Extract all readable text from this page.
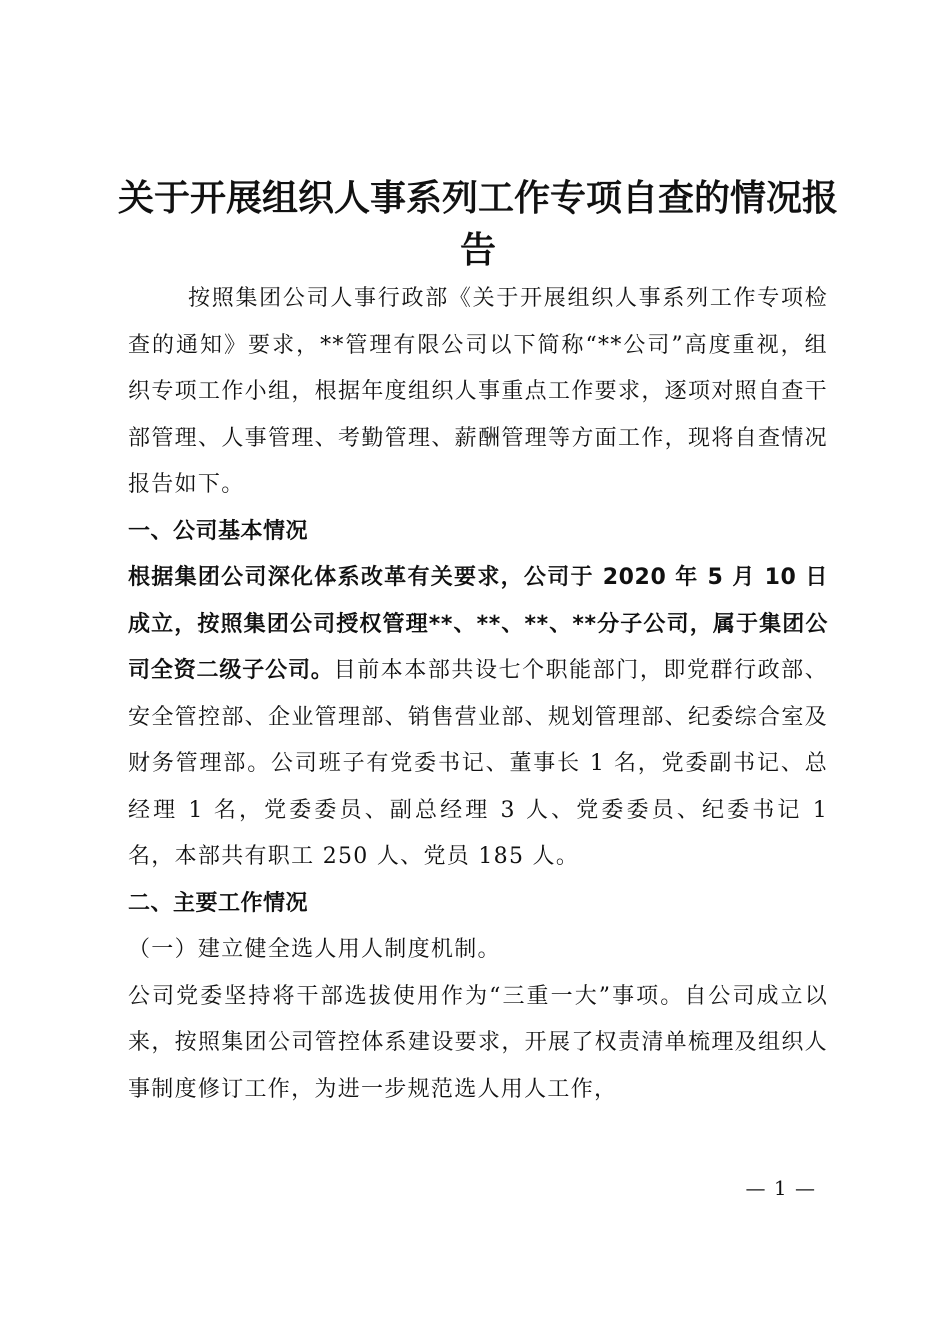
关于开展组织人事系列工作专项自查的情况报告

按照集团公司人事行政部《关于开展组织人事系列工作专项检查的通知》要求，**管理有限公司以下简称“**公司”高度重视，组织专项工作小组，根据年度组织人事重点工作要求，逐项对照自查干部管理、人事管理、考勤管理、薪酬管理等方面工作，现将自查情况报告如下。

一、公司基本情况

根据集团公司深化体系改革有关要求，公司于 2020 年 5 月 10 日成立，按照集团公司授权管理**、**、**、**分子公司，属于集团公司全资二级子公司。目前本本部共设七个职能部门，即党群行政部、安全管控部、企业管理部、销售营业部、规划管理部、纪委综合室及财务管理部。公司班子有党委书记、董事长 1 名，党委副书记、总经理 1 名，党委委员、副总经理 3 人、党委委员、纪委书记 1 名，本部共有职工 250 人、党员 185 人。

二、主要工作情况

（一）建立健全选人用人制度机制。

公司党委坚持将干部选拔使用作为“三重一大”事项。自公司成立以来，按照集团公司管控体系建设要求，开展了权责清单梳理及组织人事制度修订工作，为进一步规范选人用人工作，

— 1 —
